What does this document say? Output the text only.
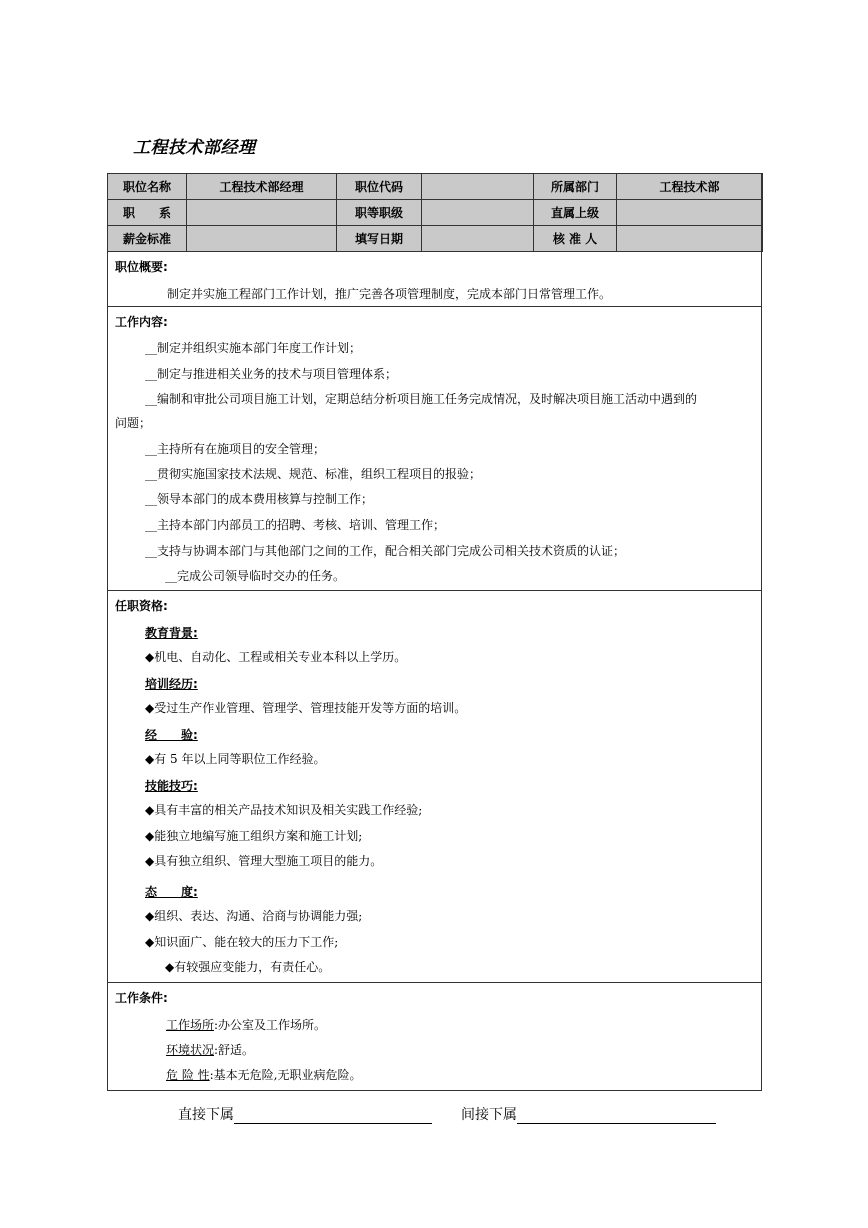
工程技术部经理
职位名称	工程技术部经理	职位代码		所属部门	工程技术部
职　　系		职等职级		直属上级	
薪金标准		填写日期		核 准 人	
职位概要:
制定并实施工程部门工作计划，推广完善各项管理制度，完成本部门日常管理工作。
工作内容:
__制定并组织实施本部门年度工作计划；
__制定与推进相关业务的技术与项目管理体系；
__编制和审批公司项目施工计划，定期总结分析项目施工任务完成情况，及时解决项目施工活动中遇到的
问题；
__主持所有在施项目的安全管理；
__贯彻实施国家技术法规、规范、标准，组织工程项目的报验；
__领导本部门的成本费用核算与控制工作；
__主持本部门内部员工的招聘、考核、培训、管理工作；
__支持与协调本部门与其他部门之间的工作，配合相关部门完成公司相关技术资质的认证；
__完成公司领导临时交办的任务。
任职资格:
教育背景:
◆机电、自动化、工程或相关专业本科以上学历。
培训经历:
◆受过生产作业管理、管理学、管理技能开发等方面的培训。
经　　验:
◆有 5 年以上同等职位工作经验。
技能技巧:
◆具有丰富的相关产品技术知识及相关实践工作经验;
◆能独立地编写施工组织方案和施工计划;
◆具有独立组织、管理大型施工项目的能力。
态　　度:
◆组织、表达、沟通、洽商与协调能力强;
◆知识面广、能在较大的压力下工作;
◆有较强应变能力，有责任心。
工作条件:
工作场所:办公室及工作场所。
环境状况:舒适。
危 险 性:基本无危险,无职业病危险。
直接下属	间接下属
